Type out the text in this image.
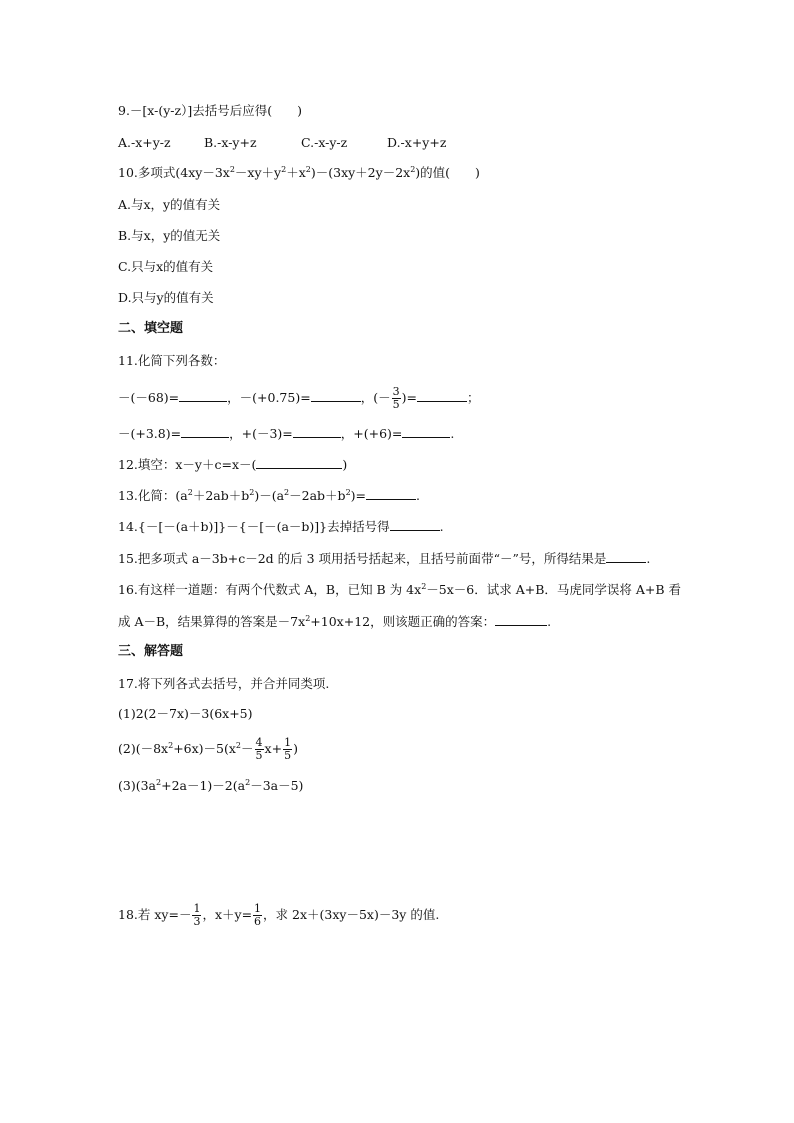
9.－[x-(y-z）]去括号后应得(　　)
A.-x+y-z	B.-x-y+z	C.-x-y-z	D.-x+y+z
10.多项式$(4xy-3x^2-xy+y^2+x^2)-(3xy+2y-2x^2)$的值(　　)
A.与x，y的值有关
B.与x，y的值无关
C.只与x的值有关
D.只与y的值有关
二、填空题
11.化简下列各数：
－(－68)=	，－(+0.75)=	，(－ $\frac{3}{5}$ )=	；
－(+3.8)=	，+(－3)=	，+(+6)=	.
12.填空：x－y＋c=x－(	)
13.化简：$(a^2+2ab+b^2)-(a^2-2ab+b^2)=$	.
14.{－[－(a＋b)]}－{－[－(a－b)]}去掉括号得	.
15.把多项式 a－3b+c－2d 的后 3 项用括号括起来，且括号前面带“－”号，所得结果是	.
16.有这样一道题：有两个代数式 A，B，已知 B 为 $4x^2-5x-6$．试求 A+B．马虎同学误将 A+B 看
成 A－B，结果算得的答案是$-7x^2+10x+12$，则该题正确的答案：	.
三、解答题
17.将下列各式去括号，并合并同类项.
(1)2(2－7x)－3(6x+5)
$(2)(-8x^2+6x)-5(x^2- \frac{4}{5} x+ \frac{1}{5}$ )
$(3)(3a^2+2a-1)-2(a^2-3a-5)$
18.若 $xy=- \frac{1}{3}$ ，$x+y= \frac{1}{6}$ ，求 2x＋(3xy－5x)－3y 的值.
